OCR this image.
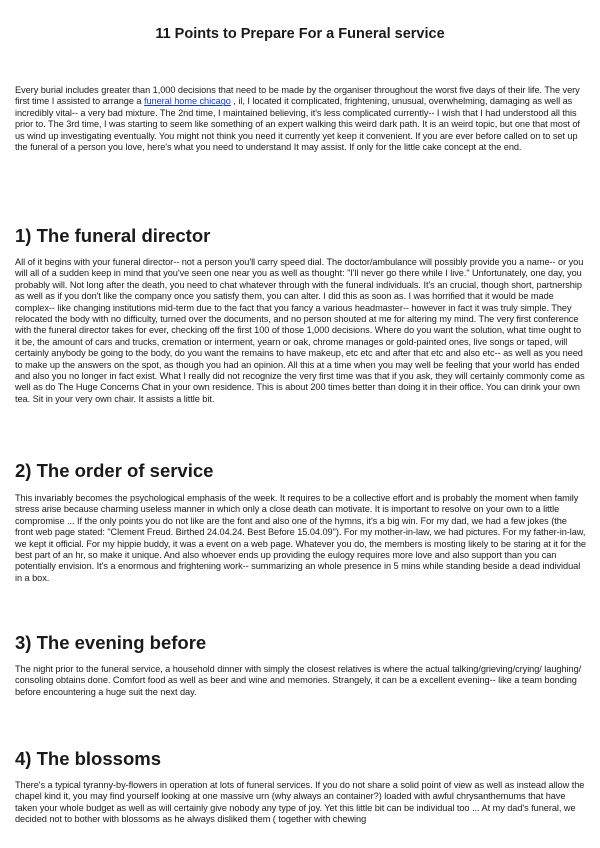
11 Points to Prepare For a Funeral service

Every burial includes greater than 1,000 decisions that need to be made by the organiser throughout the worst five days of their life. The very first time I assisted to arrange a funeral home chicago , il, I located it complicated, frightening, unusual, overwhelming, damaging as well as incredibly vital-- a very bad mixture. The 2nd time, I maintained believing, it's less complicated currently-- I wish that I had understood all this prior to. The 3rd time, I was starting to seem like something of an expert walking this weird dark path. It is an weird topic, but one that most of us wind up investigating eventually. You might not think you need it currently yet keep it convenient. If you are ever before called on to set up the funeral of a person you love, here's what you need to understand It may assist. If only for the little cake concept at the end.

1) The funeral director

All of it begins with your funeral director-- not a person you'll carry speed dial. The doctor/ambulance will possibly provide you a name-- or you will all of a sudden keep in mind that you've seen one near you as well as thought: "I'll never go there while I live." Unfortunately, one day, you probably will. Not long after the death, you need to chat whatever through with the funeral individuals. It's an crucial, though short, partnership as well as if you don't like the company once you satisfy them, you can alter. I did this as soon as. I was horrified that it would be made complex-- like changing institutions mid-term due to the fact that you fancy a various headmaster-- however in fact it was truly simple. They relocated the body with no difficulty, turned over the documents, and no person shouted at me for altering my mind. The very first conference with the funeral director takes for ever, checking off the first 100 of those 1,000 decisions. Where do you want the solution, what time ought to it be, the amount of cars and trucks, cremation or interment, yearn or oak, chrome manages or gold-painted ones, live songs or taped, will certainly anybody be going to the body, do you want the remains to have makeup, etc etc and after that etc and also etc-- as well as you need to make up the answers on the spot, as though you had an opinion. All this at a time when you may well be feeling that your world has ended and also you no longer in fact exist. What I really did not recognize the very first time was that if you ask, they will certainly commonly come as well as do The Huge Concerns Chat in your own residence. This is about 200 times better than doing it in their office. You can drink your own tea. Sit in your very own chair. It assists a little bit.

2) The order of service

This invariably becomes the psychological emphasis of the week. It requires to be a collective effort and is probably the moment when family stress arise because charming useless manner in which only a close death can motivate. It is important to resolve on your own to a little compromise ... If the only points you do not like are the font and also one of the hymns, it's a big win. For my dad, we had a few jokes (the front web page stated: "Clement Freud. Birthed 24.04.24. Best Before 15.04.09"). For my mother-in-law, we had pictures. For my father-in-law, we kept it official. For my hippie buddy, it was a event on a web page. Whatever you do, the members is mosting likely to be staring at it for the best part of an hr, so make it unique. And also whoever ends up providing the eulogy requires more love and also support than you can potentially envision. It's a enormous and frightening work-- summarizing an whole presence in 5 mins while standing beside a dead individual in a box.

3) The evening before

The night prior to the funeral service, a household dinner with simply the closest relatives is where the actual talking/grieving/crying/ laughing/ consoling obtains done. Comfort food as well as beer and wine and memories. Strangely, it can be a excellent evening-- like a team bonding before encountering a huge suit the next day.

4) The blossoms

There's a typical tyranny-by-flowers in operation at lots of funeral services. If you do not share a solid point of view as well as instead allow the chapel kind it, you may find yourself looking at one massive urn (why always an container?) loaded with awful chrysanthemums that have taken your whole budget as well as will certainly give nobody any type of joy. Yet this little bit can be individual too ... At my dad's funeral, we decided not to bother with blossoms as he always disliked them ( together with chewing
